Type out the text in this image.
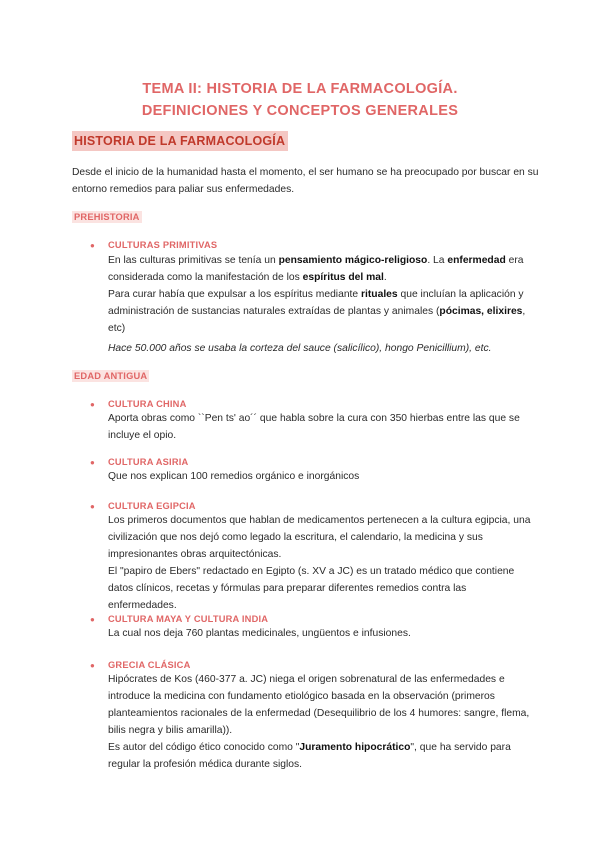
TEMA II: HISTORIA DE LA FARMACOLOGÍA.
DEFINICIONES Y CONCEPTOS GENERALES
HISTORIA DE LA FARMACOLOGÍA

Desde el inicio de la humanidad hasta el momento, el ser humano se ha preocupado por buscar en su entorno remedios para paliar sus enfermedades.

PREHISTORIA
● CULTURAS PRIMITIVAS

En las culturas primitivas se tenía un pensamiento mágico-religioso. La enfermedad era considerada como la manifestación de los espíritus del mal.
Para curar había que expulsar a los espíritus mediante rituales que incluían la aplicación y administración de sustancias naturales extraídas de plantas y animales (pócimas, elixires, etc)

Hace 50.000 años se usaba la corteza del sauce (salicílico), hongo Penicillium), etc.

EDAD ANTIGUA
● CULTURA CHINA

Aporta obras como ``Pen ts' ao´´ que habla sobre la cura con 350 hierbas entre las que se incluye el opio.

● CULTURA ASIRIA

Que nos explican 100 remedios orgánico e inorgánicos

● CULTURA EGIPCIA

Los primeros documentos que hablan de medicamentos pertenecen a la cultura egipcia, una civilización que nos dejó como legado la escritura, el calendario, la medicina y sus impresionantes obras arquitectónicas.
El "papiro de Ebers" redactado en Egipto (s. XV a JC) es un tratado médico que contiene datos clínicos, recetas y fórmulas para preparar diferentes remedios contra las enfermedades.

● CULTURA MAYA Y CULTURA INDIA

La cual nos deja 760 plantas medicinales, ungüentos e infusiones.

● GRECIA CLÁSICA

Hipócrates de Kos (460-377 a. JC) niega el origen sobrenatural de las enfermedades e introduce la medicina con fundamento etiológico basada en la observación (primeros planteamientos racionales de la enfermedad (Desequilibrio de los 4 humores: sangre, flema, bilis negra y bilis amarilla)).
Es autor del código ético conocido como "Juramento hipocrático", que ha servido para regular la profesión médica durante siglos.
